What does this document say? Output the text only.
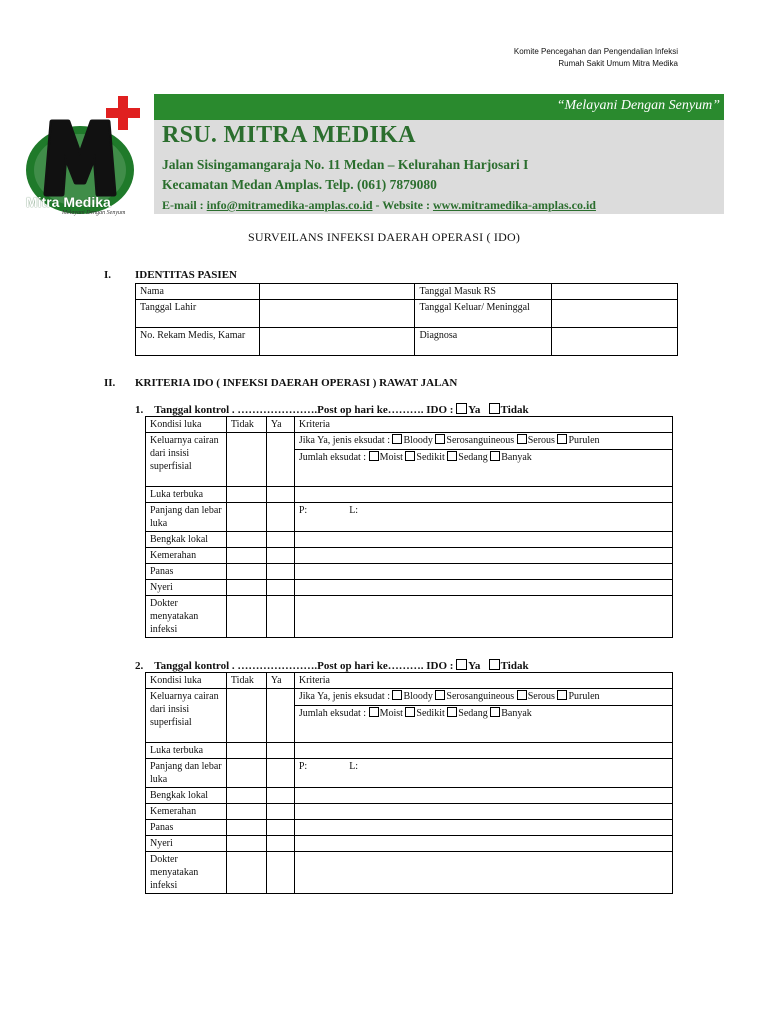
Komite Pencegahan dan Pengendalian Infeksi
Rumah Sakit Umum Mitra Medika
Mitra Medika
Melayani Dengan Senyum
“Melayani Dengan Senyum”
RSU. MITRA MEDIKA
Jalan Sisingamangaraja No. 11 Medan – Kelurahan Harjosari I
Kecamatan Medan Amplas. Telp. (061) 7879080
E-mail : info@mitramedika-amplas.co.id - Website : www.mitramedika-amplas.co.id
SURVEILANS INFEKSI DAERAH OPERASI ( IDO)
I. IDENTITAS PASIEN
Nama		Tanggal Masuk RS	
Tanggal Lahir		Tanggal Keluar/ Meninggal	
No. Rekam Medis, Kamar		Diagnosa	
II. KRITERIA IDO ( INFEKSI DAERAH OPERASI ) RAWAT JALAN
1. Tanggal kontrol . ………………….Post op hari ke………. IDO : Ya Tidak
Kondisi luka	Tidak	Ya	Kriteria
Keluarnya cairan dari insisi superfisial			Jika Ya, jenis eksudat : Bloody Serosanguineous Serous Purulen
Jumlah eksudat : Moist Sedikit Sedang Banyak

Luka terbuka			
Panjang dan lebar luka			P: L:
Bengkak lokal			
Kemerahan			
Panas			
Nyeri			
Dokter menyatakan infeksi			
2. Tanggal kontrol . ………………….Post op hari ke………. IDO : Ya Tidak
Kondisi luka	Tidak	Ya	Kriteria
Keluarnya cairan dari insisi superfisial			Jika Ya, jenis eksudat : Bloody Serosanguineous Serous Purulen
Jumlah eksudat : Moist Sedikit Sedang Banyak

Luka terbuka			
Panjang dan lebar luka			P: L:
Bengkak lokal			
Kemerahan			
Panas			
Nyeri			
Dokter menyatakan infeksi			
